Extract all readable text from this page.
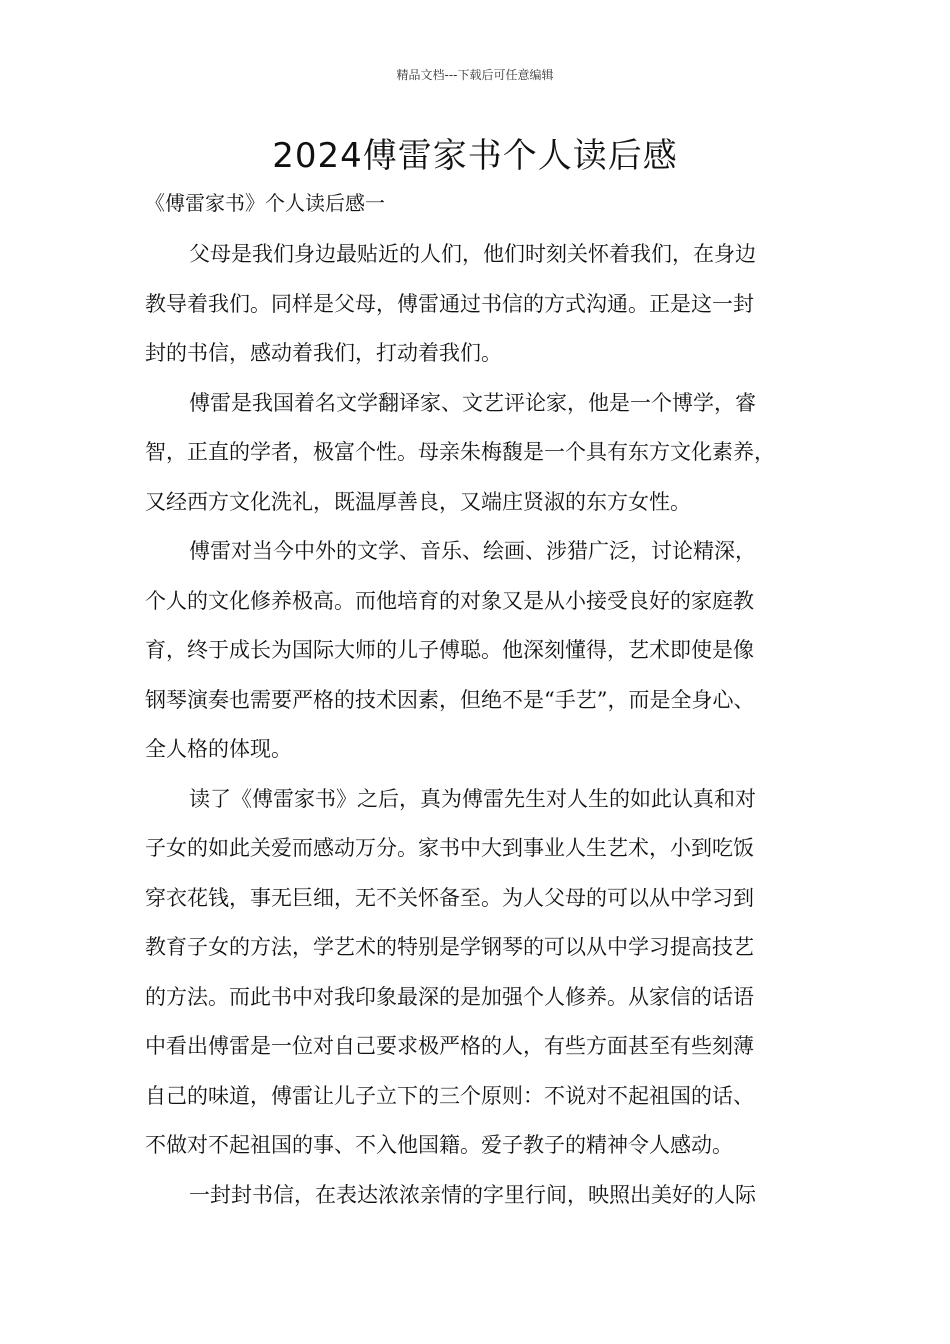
精品文档---下载后可任意编辑
2024傅雷家书个人读后感
《傅雷家书》个人读后感一
父母是我们身边最贴近的人们，他们时刻关怀着我们，在身边
教导着我们。同样是父母，傅雷通过书信的方式沟通。正是这一封
封的书信，感动着我们，打动着我们。
傅雷是我国着名文学翻译家、文艺评论家，他是一个博学，睿
智，正直的学者，极富个性。母亲朱梅馥是一个具有东方文化素养，
又经西方文化洗礼，既温厚善良，又端庄贤淑的东方女性。
傅雷对当今中外的文学、音乐、绘画、涉猎广泛，讨论精深，
个人的文化修养极高。而他培育的对象又是从小接受良好的家庭教
育，终于成长为国际大师的儿子傅聪。他深刻懂得，艺术即使是像
钢琴演奏也需要严格的技术因素，但绝不是“手艺”，而是全身心、
全人格的体现。
读了《傅雷家书》之后，真为傅雷先生对人生的如此认真和对
子女的如此关爱而感动万分。家书中大到事业人生艺术，小到吃饭
穿衣花钱，事无巨细，无不关怀备至。为人父母的可以从中学习到
教育子女的方法，学艺术的特别是学钢琴的可以从中学习提高技艺
的方法。而此书中对我印象最深的是加强个人修养。从家信的话语
中看出傅雷是一位对自己要求极严格的人，有些方面甚至有些刻薄
自己的味道，傅雷让儿子立下的三个原则：不说对不起祖国的话、
不做对不起祖国的事、不入他国籍。爱子教子的精神令人感动。
一封封书信，在表达浓浓亲情的字里行间，映照出美好的人际
